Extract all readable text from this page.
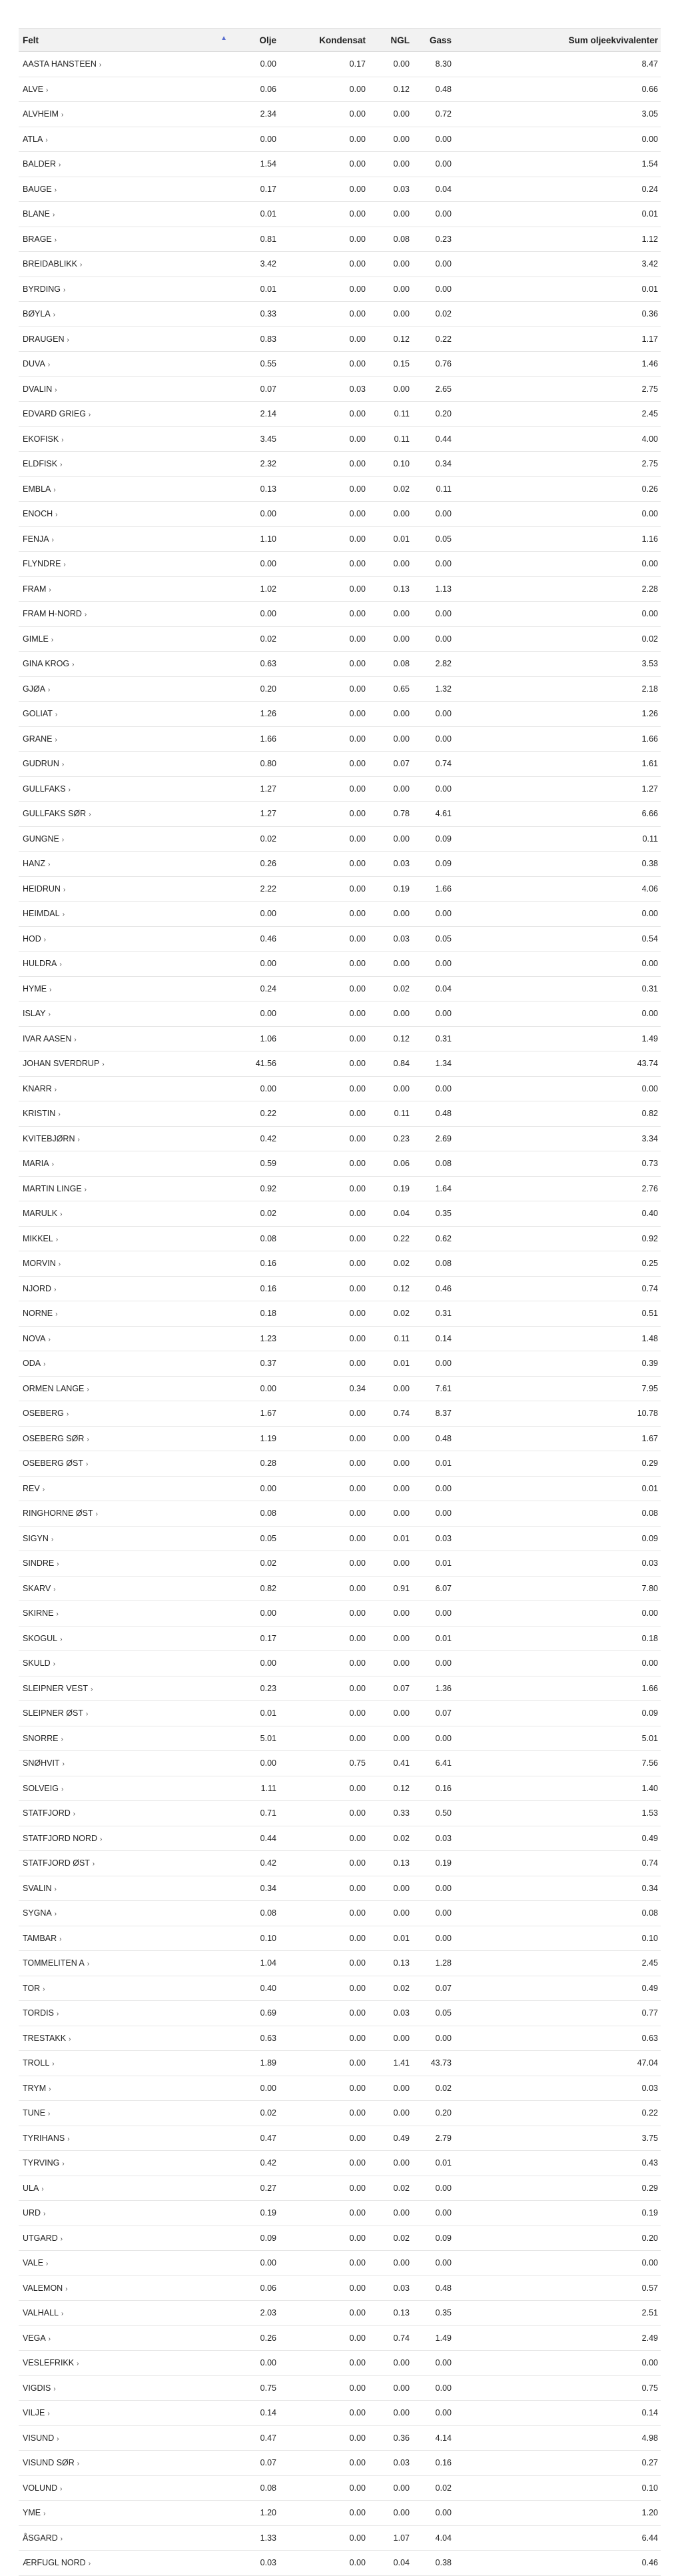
Felt ▲	Olje	Kondensat	NGL	Gass	Sum oljeekvivalenter
AASTA HANSTEEN ›	0.00	0.17	0.00	8.30	8.47
ALVE ›	0.06	0.00	0.12	0.48	0.66
ALVHEIM ›	2.34	0.00	0.00	0.72	3.05
ATLA ›	0.00	0.00	0.00	0.00	0.00
BALDER ›	1.54	0.00	0.00	0.00	1.54
BAUGE ›	0.17	0.00	0.03	0.04	0.24
BLANE ›	0.01	0.00	0.00	0.00	0.01
BRAGE ›	0.81	0.00	0.08	0.23	1.12
BREIDABLIKK ›	3.42	0.00	0.00	0.00	3.42
BYRDING ›	0.01	0.00	0.00	0.00	0.01
BØYLA ›	0.33	0.00	0.00	0.02	0.36
DRAUGEN ›	0.83	0.00	0.12	0.22	1.17
DUVA ›	0.55	0.00	0.15	0.76	1.46
DVALIN ›	0.07	0.03	0.00	2.65	2.75
EDVARD GRIEG ›	2.14	0.00	0.11	0.20	2.45
EKOFISK ›	3.45	0.00	0.11	0.44	4.00
ELDFISK ›	2.32	0.00	0.10	0.34	2.75
EMBLA ›	0.13	0.00	0.02	0.11	0.26
ENOCH ›	0.00	0.00	0.00	0.00	0.00
FENJA ›	1.10	0.00	0.01	0.05	1.16
FLYNDRE ›	0.00	0.00	0.00	0.00	0.00
FRAM ›	1.02	0.00	0.13	1.13	2.28
FRAM H-NORD ›	0.00	0.00	0.00	0.00	0.00
GIMLE ›	0.02	0.00	0.00	0.00	0.02
GINA KROG ›	0.63	0.00	0.08	2.82	3.53
GJØA ›	0.20	0.00	0.65	1.32	2.18
GOLIAT ›	1.26	0.00	0.00	0.00	1.26
GRANE ›	1.66	0.00	0.00	0.00	1.66
GUDRUN ›	0.80	0.00	0.07	0.74	1.61
GULLFAKS ›	1.27	0.00	0.00	0.00	1.27
GULLFAKS SØR ›	1.27	0.00	0.78	4.61	6.66
GUNGNE ›	0.02	0.00	0.00	0.09	0.11
HANZ ›	0.26	0.00	0.03	0.09	0.38
HEIDRUN ›	2.22	0.00	0.19	1.66	4.06
HEIMDAL ›	0.00	0.00	0.00	0.00	0.00
HOD ›	0.46	0.00	0.03	0.05	0.54
HULDRA ›	0.00	0.00	0.00	0.00	0.00
HYME ›	0.24	0.00	0.02	0.04	0.31
ISLAY ›	0.00	0.00	0.00	0.00	0.00
IVAR AASEN ›	1.06	0.00	0.12	0.31	1.49
JOHAN SVERDRUP ›	41.56	0.00	0.84	1.34	43.74
KNARR ›	0.00	0.00	0.00	0.00	0.00
KRISTIN ›	0.22	0.00	0.11	0.48	0.82
KVITEBJØRN ›	0.42	0.00	0.23	2.69	3.34
MARIA ›	0.59	0.00	0.06	0.08	0.73
MARTIN LINGE ›	0.92	0.00	0.19	1.64	2.76
MARULK ›	0.02	0.00	0.04	0.35	0.40
MIKKEL ›	0.08	0.00	0.22	0.62	0.92
MORVIN ›	0.16	0.00	0.02	0.08	0.25
NJORD ›	0.16	0.00	0.12	0.46	0.74
NORNE ›	0.18	0.00	0.02	0.31	0.51
NOVA ›	1.23	0.00	0.11	0.14	1.48
ODA ›	0.37	0.00	0.01	0.00	0.39
ORMEN LANGE ›	0.00	0.34	0.00	7.61	7.95
OSEBERG ›	1.67	0.00	0.74	8.37	10.78
OSEBERG SØR ›	1.19	0.00	0.00	0.48	1.67
OSEBERG ØST ›	0.28	0.00	0.00	0.01	0.29
REV ›	0.00	0.00	0.00	0.00	0.01
RINGHORNE ØST ›	0.08	0.00	0.00	0.00	0.08
SIGYN ›	0.05	0.00	0.01	0.03	0.09
SINDRE ›	0.02	0.00	0.00	0.01	0.03
SKARV ›	0.82	0.00	0.91	6.07	7.80
SKIRNE ›	0.00	0.00	0.00	0.00	0.00
SKOGUL ›	0.17	0.00	0.00	0.01	0.18
SKULD ›	0.00	0.00	0.00	0.00	0.00
SLEIPNER VEST ›	0.23	0.00	0.07	1.36	1.66
SLEIPNER ØST ›	0.01	0.00	0.00	0.07	0.09
SNORRE ›	5.01	0.00	0.00	0.00	5.01
SNØHVIT ›	0.00	0.75	0.41	6.41	7.56
SOLVEIG ›	1.11	0.00	0.12	0.16	1.40
STATFJORD ›	0.71	0.00	0.33	0.50	1.53
STATFJORD NORD ›	0.44	0.00	0.02	0.03	0.49
STATFJORD ØST ›	0.42	0.00	0.13	0.19	0.74
SVALIN ›	0.34	0.00	0.00	0.00	0.34
SYGNA ›	0.08	0.00	0.00	0.00	0.08
TAMBAR ›	0.10	0.00	0.01	0.00	0.10
TOMMELITEN A ›	1.04	0.00	0.13	1.28	2.45
TOR ›	0.40	0.00	0.02	0.07	0.49
TORDIS ›	0.69	0.00	0.03	0.05	0.77
TRESTAKK ›	0.63	0.00	0.00	0.00	0.63
TROLL ›	1.89	0.00	1.41	43.73	47.04
TRYM ›	0.00	0.00	0.00	0.02	0.03
TUNE ›	0.02	0.00	0.00	0.20	0.22
TYRIHANS ›	0.47	0.00	0.49	2.79	3.75
TYRVING ›	0.42	0.00	0.00	0.01	0.43
ULA ›	0.27	0.00	0.02	0.00	0.29
URD ›	0.19	0.00	0.00	0.00	0.19
UTGARD ›	0.09	0.00	0.02	0.09	0.20
VALE ›	0.00	0.00	0.00	0.00	0.00
VALEMON ›	0.06	0.00	0.03	0.48	0.57
VALHALL ›	2.03	0.00	0.13	0.35	2.51
VEGA ›	0.26	0.00	0.74	1.49	2.49
VESLEFRIKK ›	0.00	0.00	0.00	0.00	0.00
VIGDIS ›	0.75	0.00	0.00	0.00	0.75
VILJE ›	0.14	0.00	0.00	0.00	0.14
VISUND ›	0.47	0.00	0.36	4.14	4.98
VISUND SØR ›	0.07	0.00	0.03	0.16	0.27
VOLUND ›	0.08	0.00	0.00	0.02	0.10
YME ›	1.20	0.00	0.00	0.00	1.20
ÅSGARD ›	1.33	0.00	1.07	4.04	6.44
ÆRFUGL NORD ›	0.03	0.00	0.04	0.38	0.46
